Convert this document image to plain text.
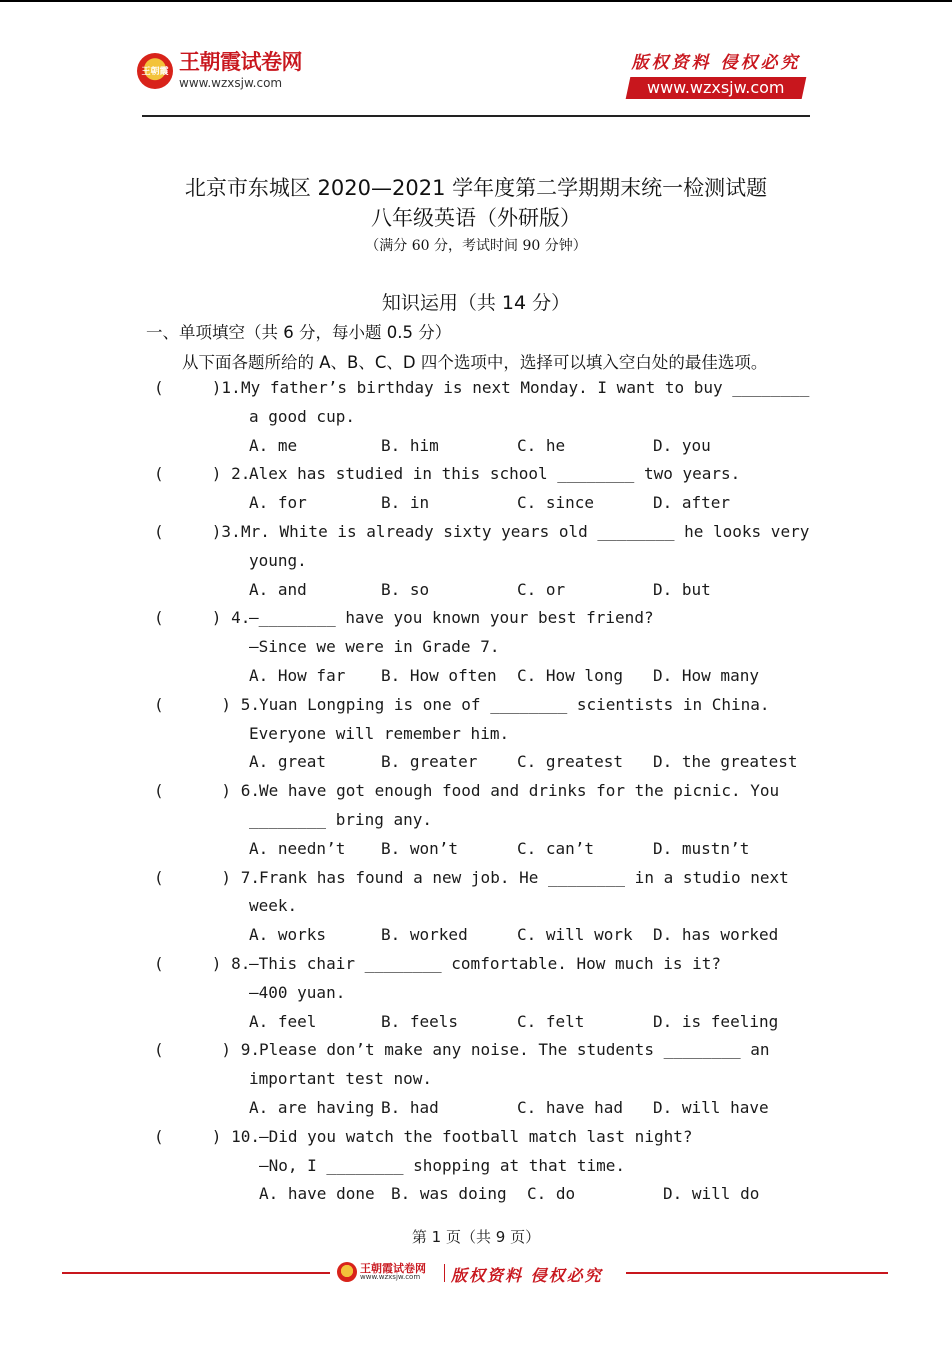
王朝霞 王朝霞试卷网
www.wzxsjw.com
版权资料 侵权必究
www.wzxsjw.com
北京市东城区 2020—2021 学年度第二学期期末统一检测试题
八年级英语（外研版）
（满分 60 分，考试时间 90 分钟）
知识运用（共 14 分）
一、单项填空（共 6 分，每小题 0.5 分）
从下面各题所给的 A、B、C、D 四个选项中，选择可以填入空白处的最佳选项。
(     )1. My father’s birthday is next Monday. I want to buy ________
a good cup.
A. me	B. him	C. he	D. you
(     ) 2.
Alex has studied in this school ________ two years.
A. for	B. in	C. since	D. after
(     )3. Mr. White is already sixty years old ________ he looks very
young.
A. and	B. so	C. or	D. but
(     ) 4.
—________ have you known your best friend?
—Since we were in Grade 7.
A. How far B. How often C. How long D. How many
(      ) 5. Yuan Longping is one of ________ scientists in China.
Everyone will remember him.
A. great	B. greater C. greatest D. the greatest
(      ) 6. We have got enough food and drinks for the picnic. You
________ bring any.
A. needn’t B. won’t	C. can’t	D. mustn’t
(      ) 7. Frank has found a new job. He ________ in a studio next
week.
A. works	B. worked	C. will work D. has worked
(     ) 8.
—This chair ________ comfortable. How much is it?
—400 yuan.
A. feel	B. feels	C. felt	D. is feeling
(      ) 9. Please don’t make any noise. The students ________ an
important test now.
A. are having B. had	C. have had D. will have
(     ) 10. —Did you watch the football match last night?
—No, I ________ shopping at that time.
A. have done B. was doing C. do	D. will do
第 1 页（共 9 页）
王朝霞试卷网
www.wzxsjw.com	版权资料 侵权必究
